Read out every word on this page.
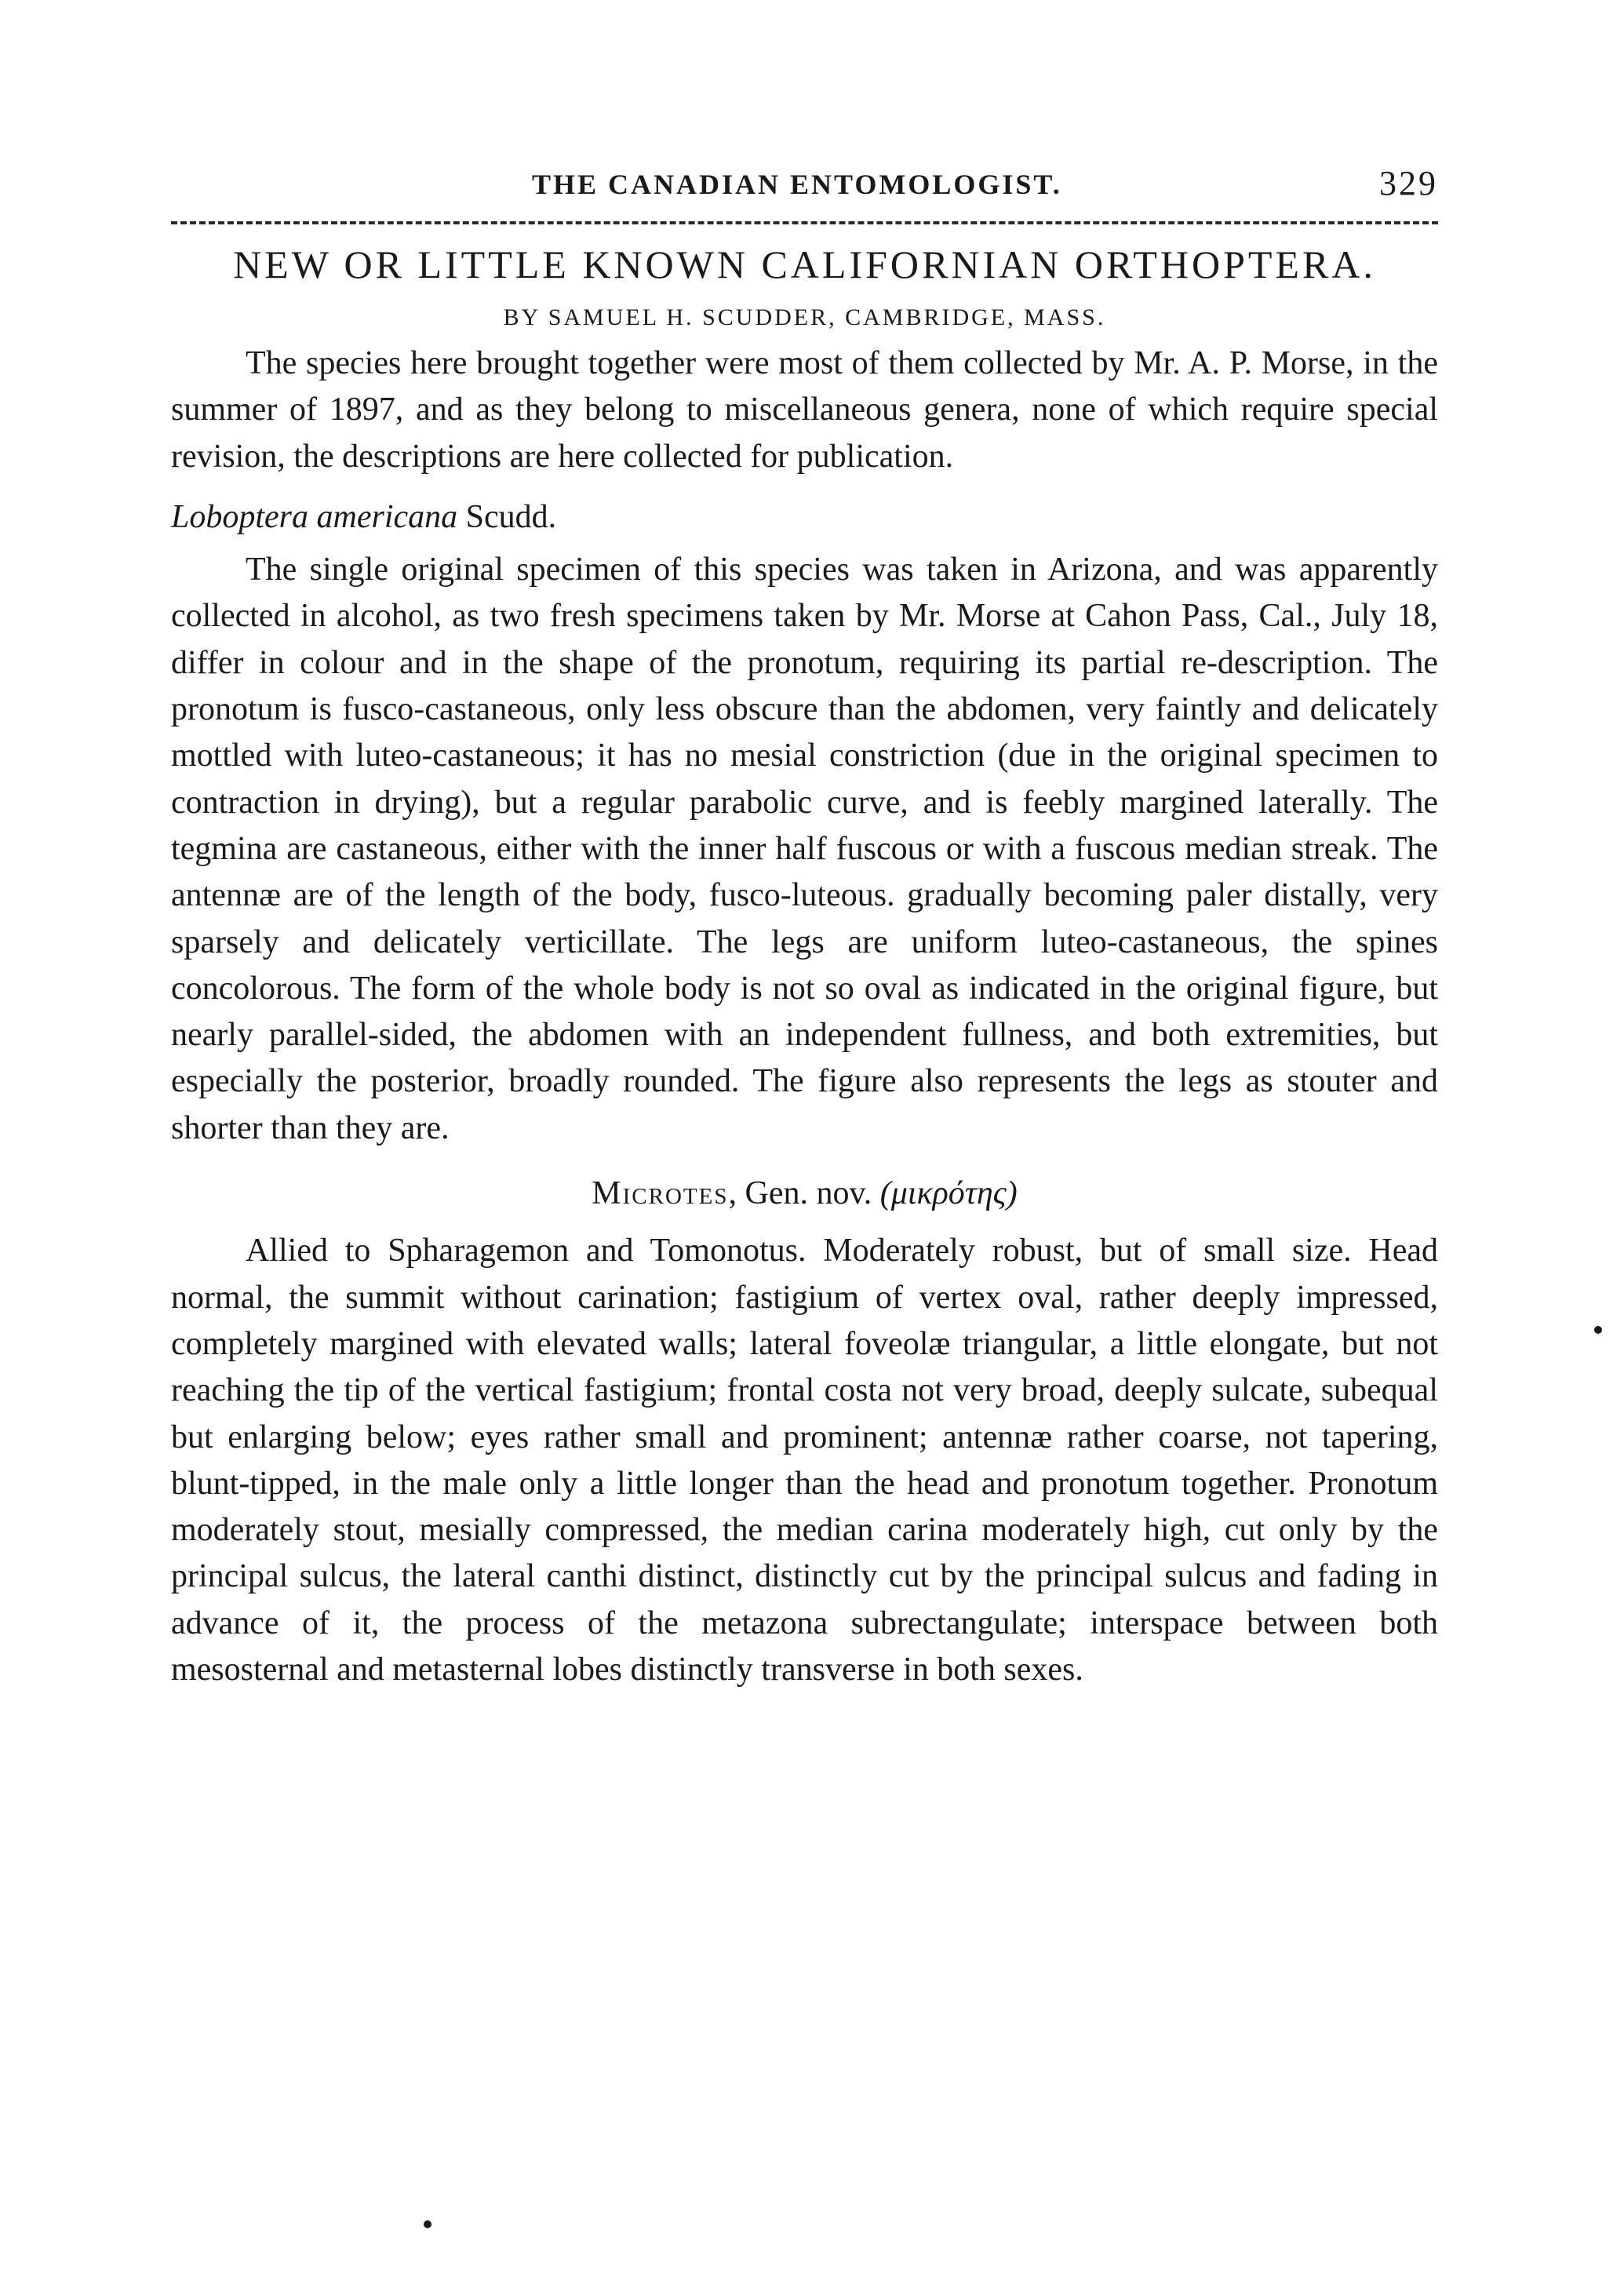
THE CANADIAN ENTOMOLOGIST.	329
NEW OR LITTLE KNOWN CALIFORNIAN ORTHOPTERA.
BY SAMUEL H. SCUDDER, CAMBRIDGE, MASS.

The species here brought together were most of them collected by Mr. A. P. Morse, in the summer of 1897, and as they belong to miscellaneous genera, none of which require special revision, the descriptions are here collected for publication.

Loboptera americana Scudd.

The single original specimen of this species was taken in Arizona, and was apparently collected in alcohol, as two fresh specimens taken by Mr. Morse at Cahon Pass, Cal., July 18, differ in colour and in the shape of the pronotum, requiring its partial re-description. The pronotum is fusco-castaneous, only less obscure than the abdomen, very faintly and delicately mottled with luteo-castaneous; it has no mesial constriction (due in the original specimen to contraction in drying), but a regular parabolic curve, and is feebly margined laterally. The tegmina are castaneous, either with the inner half fuscous or with a fuscous median streak. The antennæ are of the length of the body, fusco-luteous. gradually becoming paler distally, very sparsely and delicately verticillate. The legs are uniform luteo-castaneous, the spines concolorous. The form of the whole body is not so oval as indicated in the original figure, but nearly parallel-sided, the abdomen with an independent fullness, and both extremities, but especially the posterior, broadly rounded. The figure also represents the legs as stouter and shorter than they are.

Microtes, Gen. nov. (μικρότης)

Allied to Spharagemon and Tomonotus. Moderately robust, but of small size. Head normal, the summit without carination; fastigium of vertex oval, rather deeply impressed, completely margined with elevated walls; lateral foveolæ triangular, a little elongate, but not reaching the tip of the vertical fastigium; frontal costa not very broad, deeply sulcate, subequal but enlarging below; eyes rather small and prominent; antennæ rather coarse, not tapering, blunt-tipped, in the male only a little longer than the head and pronotum together. Pronotum moderately stout, mesially compressed, the median carina moderately high, cut only by the principal sulcus, the lateral canthi distinct, distinctly cut by the principal sulcus and fading in advance of it, the process of the metazona subrectangulate; interspace between both mesosternal and metasternal lobes distinctly transverse in both sexes.
